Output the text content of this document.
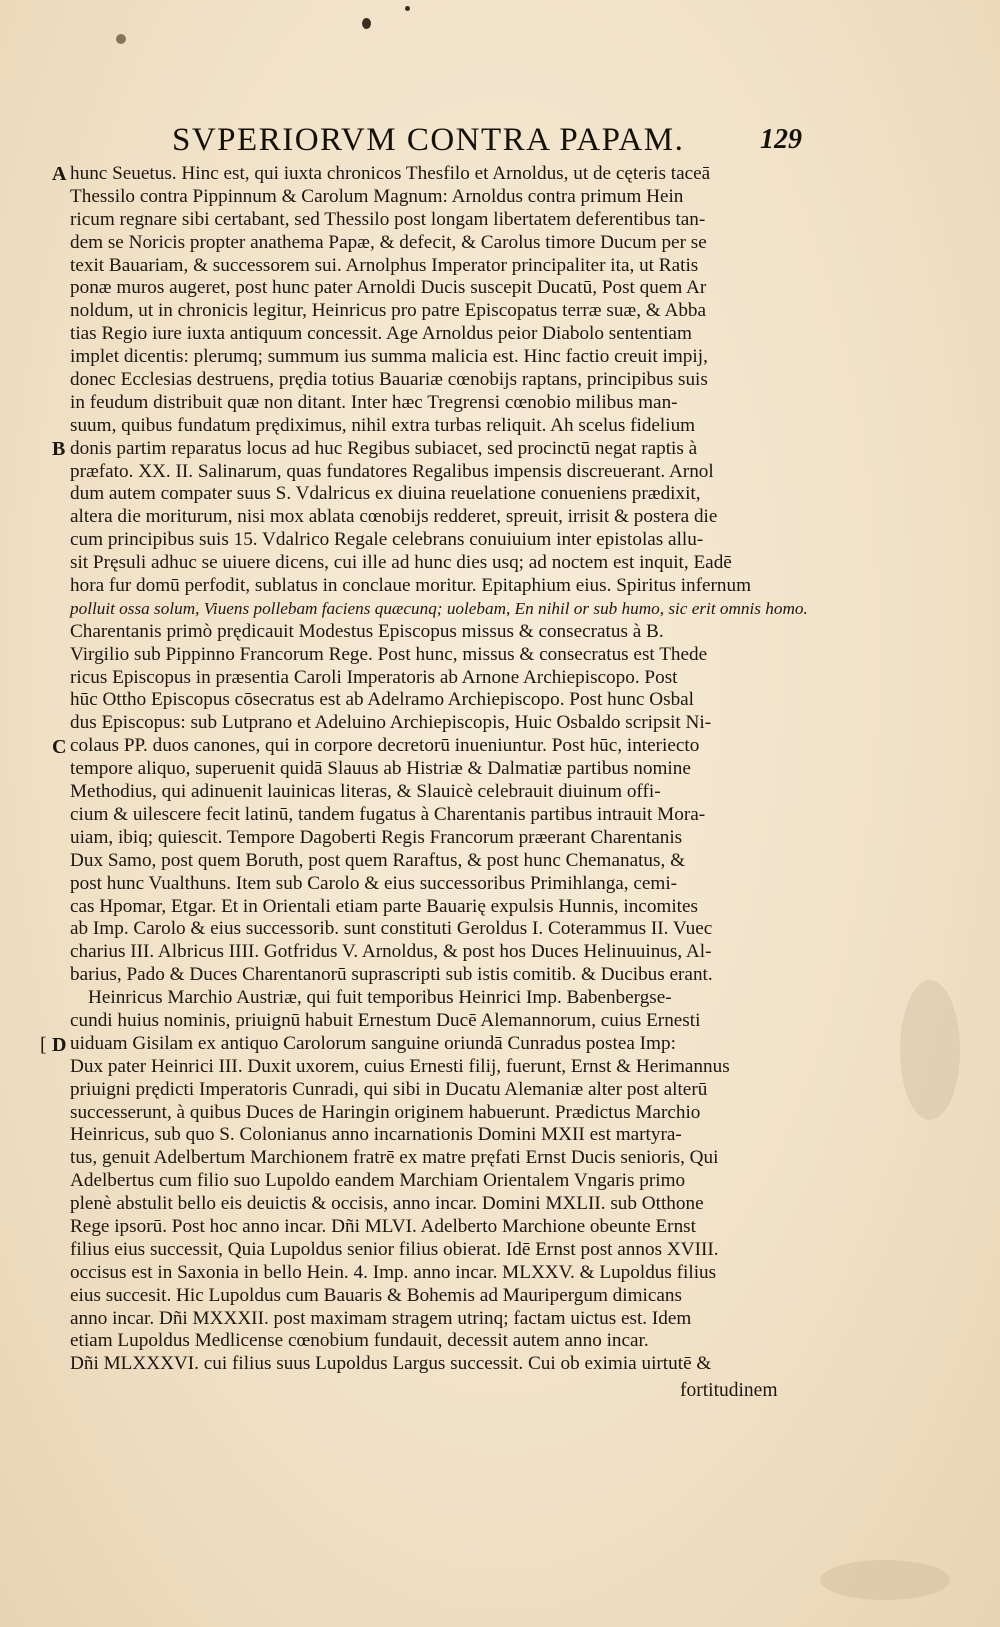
SVPERIORVM CONTRA PAPAM.	129
A
B
C
[ D
hunc Seuetus. Hinc est, qui iuxta chronicos Thesfilo et Arnoldus, ut de cęteris taceā
Thessilo contra Pippinnum & Carolum Magnum: Arnoldus contra primum Hein
ricum regnare sibi certabant, sed Thessilo post longam libertatem deferentibus tan-
dem se Noricis propter anathema Papæ, & defecit, & Carolus timore Ducum per se
texit Bauariam, & successorem sui. Arnolphus Imperator principaliter ita, ut Ratis
ponæ muros augeret, post hunc pater Arnoldi Ducis suscepit Ducatū, Post quem Ar
noldum, ut in chronicis legitur, Heinricus pro patre Episcopatus terræ suæ, & Abba
tias Regio iure iuxta antiquum concessit. Age Arnoldus peior Diabolo sententiam
implet dicentis: plerumq; summum ius summa malicia est. Hinc factio creuit impij,
donec Ecclesias destruens, prędia totius Bauariæ cœnobijs raptans, principibus suis
in feudum distribuit quæ non ditant. Inter hæc Tregrensi cœnobio milibus man-
suum, quibus fundatum prędiximus, nihil extra turbas reliquit. Ah scelus fidelium
donis partim reparatus locus ad huc Regibus subiacet, sed procinctū negat raptis à
præfato. XX. II. Salinarum, quas fundatores Regalibus impensis discreuerant. Arnol
dum autem compater suus S. Vdalricus ex diuina reuelatione conueniens prædixit,
altera die moriturum, nisi mox ablata cœnobijs redderet, spreuit, irrisit & postera die
cum principibus suis 15. Vdalrico Regale celebrans conuiuium inter epistolas allu-
sit Pręsuli adhuc se uiuere dicens, cui ille ad hunc dies usq; ad noctem est inquit, Eadē
hora fur domū perfodit, sublatus in conclaue moritur. Epitaphium eius. Spiritus infernum
polluit ossa solum, Viuens pollebam faciens quæcunq; uolebam, En nihil or sub humo, sic erit omnis homo.
Charentanis primò prędicauit Modestus Episcopus missus & consecratus à B.
Virgilio sub Pippinno Francorum Rege. Post hunc, missus & consecratus est Thede
ricus Episcopus in præsentia Caroli Imperatoris ab Arnone Archiepiscopo. Post
hūc Ottho Episcopus cōsecratus est ab Adelramo Archiepiscopo. Post hunc Osbal
dus Episcopus: sub Lutprano et Adeluino Archiepiscopis, Huic Osbaldo scripsit Ni-
colaus PP. duos canones, qui in corpore decretorū inueniuntur. Post hūc, interiecto
tempore aliquo, superuenit quidā Slauus ab Histriæ & Dalmatiæ partibus nomine
Methodius, qui adinuenit lauinicas literas, & Slauicè celebrauit diuinum offi-
cium & uilescere fecit latinū, tandem fugatus à Charentanis partibus intrauit Mora-
uiam, ibiq; quiescit. Tempore Dagoberti Regis Francorum præerant Charentanis
Dux Samo, post quem Boruth, post quem Raraftus, & post hunc Chemanatus, &
post hunc Vualthuns. Item sub Carolo & eius successoribus Primihlanga, cemi-
cas Hpomar, Etgar. Et in Orientali etiam parte Bauarię expulsis Hunnis, incomites
ab Imp. Carolo & eius successorib. sunt constituti Geroldus I. Coterammus II. Vuec
charius III. Albricus IIII. Gotfridus V. Arnoldus, & post hos Duces Helinuuinus, Al-
barius, Pado & Duces Charentanorū suprascripti sub istis comitib. & Ducibus erant.
Heinricus Marchio Austriæ, qui fuit temporibus Heinrici Imp. Babenbergse-
cundi huius nominis, priuignū habuit Ernestum Ducē Alemannorum, cuius Ernesti
uiduam Gisilam ex antiquo Carolorum sanguine oriundā Cunradus postea Imp:
Dux pater Heinrici III. Duxit uxorem, cuius Ernesti filij, fuerunt, Ernst & Herimannus
priuigni prędicti Imperatoris Cunradi, qui sibi in Ducatu Alemaniæ alter post alterū
successerunt, à quibus Duces de Haringin originem habuerunt. Prædictus Marchio
Heinricus, sub quo S. Colonianus anno incarnationis Domini MXII est martyra-
tus, genuit Adelbertum Marchionem fratrē ex matre pręfati Ernst Ducis senioris, Qui
Adelbertus cum filio suo Lupoldo eandem Marchiam Orientalem Vngaris primo
plenè abstulit bello eis deuictis & occisis, anno incar. Domini MXLII. sub Otthone
Rege ipsorū. Post hoc anno incar. Dñi MLVI. Adelberto Marchione obeunte Ernst
filius eius successit, Quia Lupoldus senior filius obierat. Idē Ernst post annos XVIII.
occisus est in Saxonia in bello Hein. 4. Imp. anno incar. MLXXV. & Lupoldus filius
eius succesit. Hic Lupoldus cum Bauaris & Bohemis ad Mauripergum dimicans
anno incar. Dñi MXXXII. post maximam stragem utrinq; factam uictus est. Idem
etiam Lupoldus Medlicense cœnobium fundauit, decessit autem anno incar.
Dñi MLXXXVI. cui filius suus Lupoldus Largus successit. Cui ob eximia uirtutē &
fortitudinem
